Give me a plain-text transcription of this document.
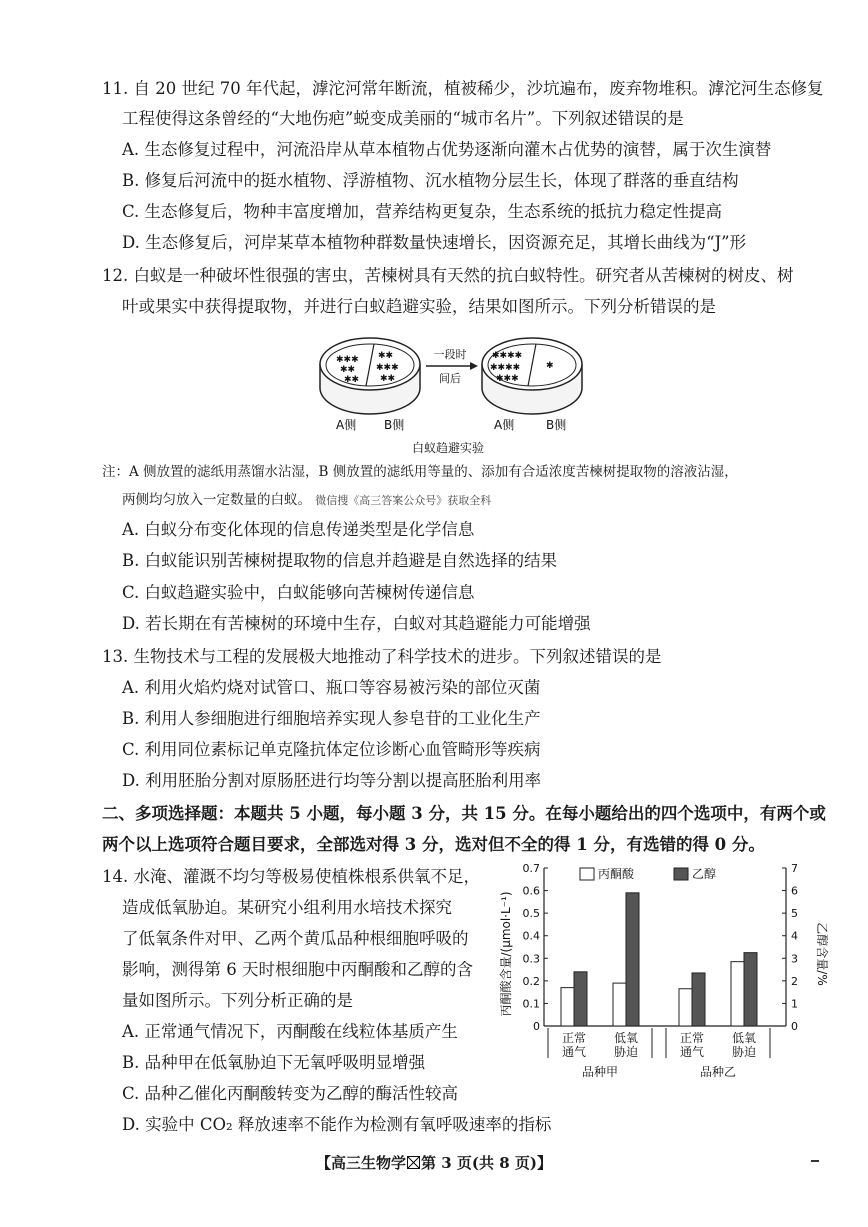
11. 自 20 世纪 70 年代起，滹沱河常年断流，植被稀少，沙坑遍布，废弃物堆积。滹沱河生态修复
工程使得这条曾经的“大地伤疤”蜕变成美丽的“城市名片”。下列叙述错误的是
A. 生态修复过程中，河流沿岸从草本植物占优势逐渐向灌木占优势的演替，属于次生演替
B. 修复后河流中的挺水植物、浮游植物、沉水植物分层生长，体现了群落的垂直结构
C. 生态修复后，物种丰富度增加，营养结构更复杂，生态系统的抵抗力稳定性提高
D. 生态修复后，河岸某草本植物种群数量快速增长，因资源充足，其增长曲线为“J”形
12. 白蚁是一种破坏性很强的害虫，苦楝树具有天然的抗白蚁特性。研究者从苦楝树的树皮、树
叶或果实中获得提取物，并进行白蚁趋避实验，结果如图所示。下列分析错误的是
✱✱✱
✱✱
✱✱
✱✱
✱✱✱
✱✱
一段时
间后
✱✱✱✱
✱✱✱✱
✱✱✱
✱
A侧 B侧	A侧	B侧
白蚁趋避实验
注：A 侧放置的滤纸用蒸馏水沾湿，B 侧放置的滤纸用等量的、添加有合适浓度苦楝树提取物的溶液沾湿，
两侧均匀放入一定数量的白蚁。 微信搜《高三答案公众号》获取全科
A. 白蚁分布变化体现的信息传递类型是化学信息
B. 白蚁能识别苦楝树提取物的信息并趋避是自然选择的结果
C. 白蚁趋避实验中，白蚁能够向苦楝树传递信息
D. 若长期在有苦楝树的环境中生存，白蚁对其趋避能力可能增强
13. 生物技术与工程的发展极大地推动了科学技术的进步。下列叙述错误的是
A. 利用火焰灼烧对试管口、瓶口等容易被污染的部位灭菌
B. 利用人参细胞进行细胞培养实现人参皂苷的工业化生产
C. 利用同位素标记单克隆抗体定位诊断心血管畸形等疾病
D. 利用胚胎分割对原肠胚进行均等分割以提高胚胎利用率
二、多项选择题：本题共 5 小题，每小题 3 分，共 15 分。在每小题给出的四个选项中，有两个或
两个以上选项符合题目要求，全部选对得 3 分，选对但不全的得 1 分，有选错的得 0 分。
14. 水淹、灌溉不均匀等极易使植株根系供氧不足，
造成低氧胁迫。某研究小组利用水培技术探究
了低氧条件对甲、乙两个黄瓜品种根细胞呼吸的
影响，测得第 6 天时根细胞中丙酮酸和乙醇的含
量如图所示。下列分析正确的是
A. 正常通气情况下，丙酮酸在线粒体基质产生
B. 品种甲在低氧胁迫下无氧呼吸明显增强
C. 品种乙催化丙酮酸转变为乙醇的酶活性较高
D. 实验中 CO₂ 释放速率不能作为检测有氧呼吸速率的指标
丙酮酸	乙醇
丙酮酸含量/(μmol·L⁻¹)	乙醇含量/%
0
0.1
0.2
0.3
0.4
0.5
0.6
0.7
0
1
2
3
4
5
6
7
正常
通气
低氧
胁迫
正常
通气
低氧
胁迫
品种甲	品种乙
【高三生物学☒第 3 页(共 8 页)】
